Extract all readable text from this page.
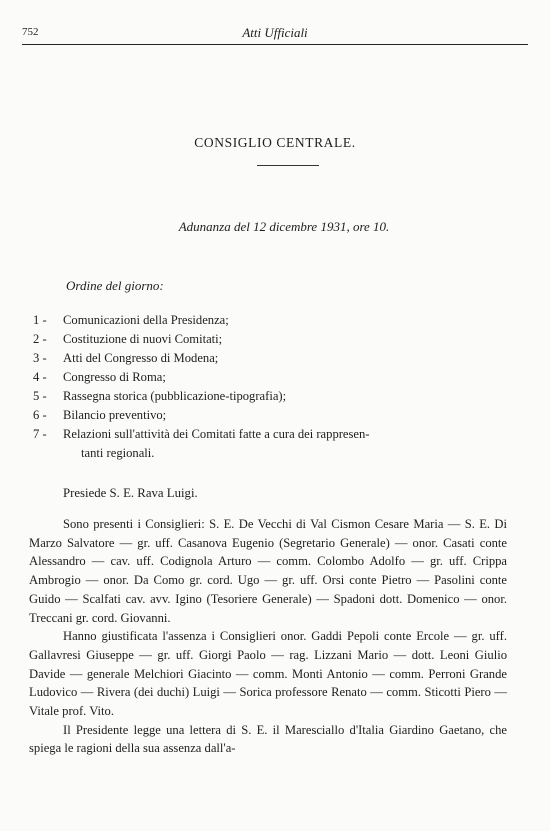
752	Atti Ufficiali
CONSIGLIO CENTRALE.
Adunanza del 12 dicembre 1931, ore 10.
Ordine del giorno:
1 -	Comunicazioni della Presidenza;
2 -	Costituzione di nuovi Comitati;
3 -	Atti del Congresso di Modena;
4 -	Congresso di Roma;
5 -	Rassegna storica (pubblicazione-tipografia);
6 -	Bilancio preventivo;
7 -	Relazioni sull'attività dei Comitati fatte a cura dei rappresen-
tanti regionali.
Presiede S. E. Rava Luigi.

Sono presenti i Consiglieri: S. E. De Vecchi di Val Cismon Cesare Maria — S. E. Di Marzo Salvatore — gr. uff. Casanova Eugenio (Segretario Generale) — onor. Casati conte Alessandro — cav. uff. Codignola Arturo — comm. Colombo Adolfo — gr. uff. Crippa Ambrogio — onor. Da Como gr. cord. Ugo — gr. uff. Orsi conte Pietro — Pasolini conte Guido — Scalfati cav. avv. Igino (Tesoriere Generale) — Spadoni dott. Domenico — onor. Treccani gr. cord. Giovanni.

Hanno giustificata l'assenza i Consiglieri onor. Gaddi Pepoli conte Ercole — gr. uff. Gallavresi Giuseppe — gr. uff. Giorgi Paolo — rag. Lizzani Mario — dott. Leoni Giulio Davide — generale Melchiori Giacinto — comm. Monti Antonio — comm. Perroni Grande Ludovico — Rivera (dei duchi) Luigi — Sorica professore Renato — comm. Sticotti Piero — Vitale prof. Vito.

Il Presidente legge una lettera di S. E. il Maresciallo d'Italia Giardino Gaetano, che spiega le ragioni della sua assenza dall'a-
